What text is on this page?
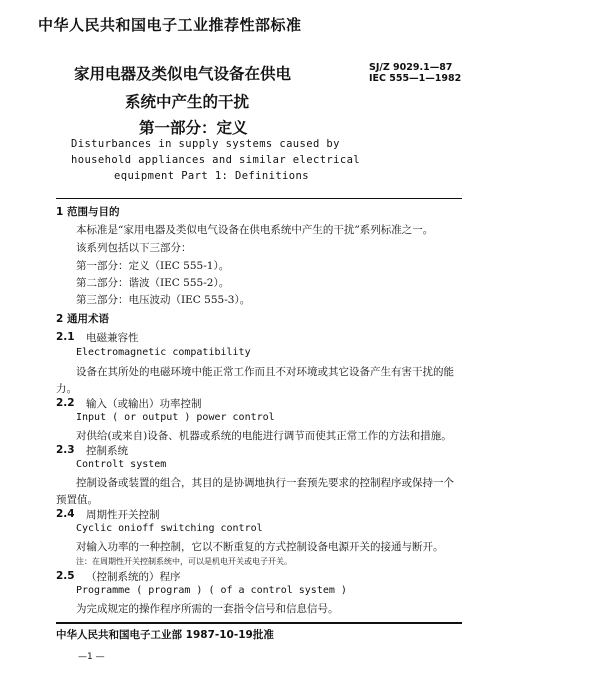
中华人民共和国电子工业推荐性部标准
家用电器及类似电气设备在供电
系统中产生的干扰
第一部分：定义
SJ/Z 9029.1—87
IEC 555—1—1982
Disturbances in supply systems caused by
household appliances and similar electrical
equipment Part 1: Definitions
1 范围与目的
本标准是“家用电器及类似电气设备在供电系统中产生的干扰”系列标准之一。
该系列包括以下三部分：
第一部分：定义（IEC 555-1）。
第二部分：谐波（IEC 555-2）。
第三部分：电压波动（IEC 555-3）。
2 通用术语
2.1 电磁兼容性
Electromagnetic compatibility
设备在其所处的电磁环境中能正常工作而且不对环境或其它设备产生有害干扰的能
力。
2.2 输入（或输出）功率控制
Input ( or output ) power control
对供给(或来自)设备、机器或系统的电能进行调节而使其正常工作的方法和措施。
2.3 控制系统
Controlt system
控制设备或装置的组合，其目的是协调地执行一套预先要求的控制程序或保持一个
预置值。
2.4 周期性开关控制
Cyclic onioff switching control
对输入功率的一种控制，它以不断重复的方式控制设备电源开关的接通与断开。
注：在周期性开关控制系统中，可以是机电开关或电子开关。
2.5 （控制系统的）程序
Programme ( program ) ( of a control system )
为完成规定的操作程序所需的一套指令信号和信息信号。
中华人民共和国电子工业部 1987-10-19批准
—1 —
